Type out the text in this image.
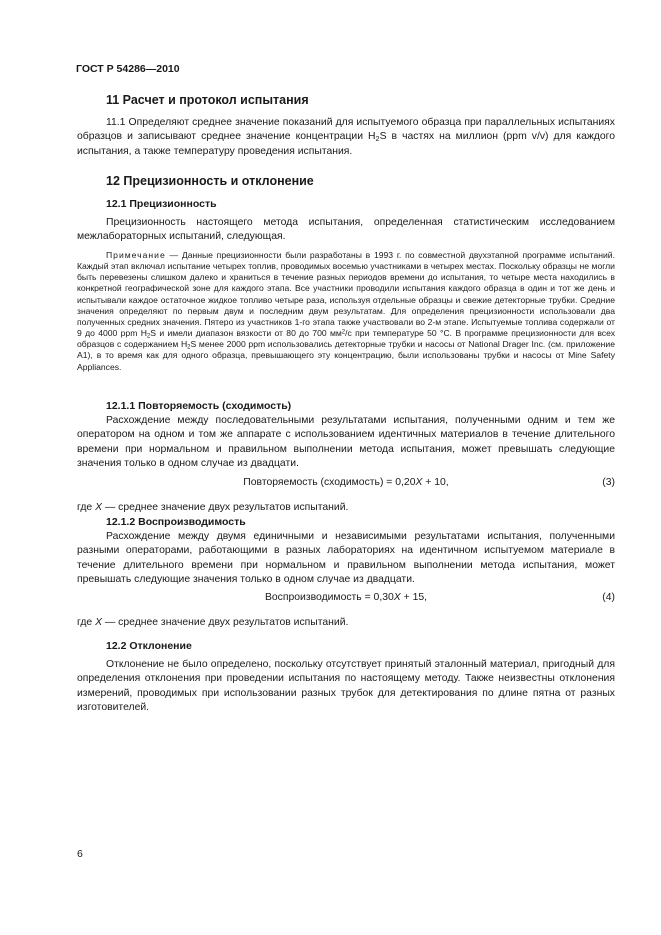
ГОСТ Р 54286—2010
11 Расчет и протокол испытания

11.1 Определяют среднее значение показаний для испытуемого образца при параллельных испытаниях образцов и записывают среднее значение концентрации $H_2S$ в частях на миллион (ppm v/v) для каждого испытания, а также температуру проведения испытания.

12 Прецизионность и отклонение
12.1 Прецизионность

Прецизионность настоящего метода испытания, определенная статистическим исследованием межлабораторных испытаний, следующая.

Примечание — Данные прецизионности были разработаны в 1993 г. по совместной двухэтапной программе испытаний. Каждый этап включал испытание четырех топлив, проводимых восемью участниками в четырех местах. Поскольку образцы не могли быть перевезены слишком далеко и храниться в течение разных периодов времени до испытания, то четыре места находились в конкретной географической зоне для каждого этапа. Все участники проводили испытания каждого образца в один и тот же день и испытывали каждое остаточное жидкое топливо четыре раза, используя отдельные образцы и свежие детекторные трубки. Средние значения определяют по первым двум и последним двум результатам. Для определения прецизионности использовали два полученных средних значения. Пятеро из участников 1-го этапа также участвовали во 2-м этапе. Испытуемые топлива содержали от 9 до 4000 ppm $H_2S$ и имели диапазон вязкости от 80 до 700 $мм^2/с$ при температуре 50 °С. В программе прецизионности для всех образцов с содержанием $H_2S$ менее 2000 ppm использовались детекторные трубки и насосы от National Drager Inc. (см. приложение А1), в то время как для одного образца, превышающего эту концентрацию, были использованы трубки и насосы от Mine Safety Appliances.

12.1.1 Повторяемость (сходимость)

Расхождение между последовательными результатами испытания, полученными одним и тем же оператором на одном и том же аппарате с использованием идентичных материалов в течение длительного времени при нормальном и правильном выполнении метода испытания, может превышать следующие значения только в одном случае из двадцати.

Повторяемость (сходимость) = 0,20X + 10,	(3)
где X — среднее значение двух результатов испытаний.
12.1.2 Воспроизводимость

Расхождение между двумя единичными и независимыми результатами испытания, полученными разными операторами, работающими в разных лабораториях на идентичном испытуемом материале в течение длительного времени при нормальном и правильном выполнении метода испытания, может превышать следующие значения только в одном случае из двадцати.

Воспроизводимость = 0,30X + 15,	(4)
где X — среднее значение двух результатов испытаний.
12.2 Отклонение

Отклонение не было определено, поскольку отсутствует принятый эталонный материал, пригодный для определения отклонения при проведении испытания по настоящему методу. Также неизвестны отклонения измерений, проводимых при использовании разных трубок для детектирования по длине пятна от разных изготовителей.

6
